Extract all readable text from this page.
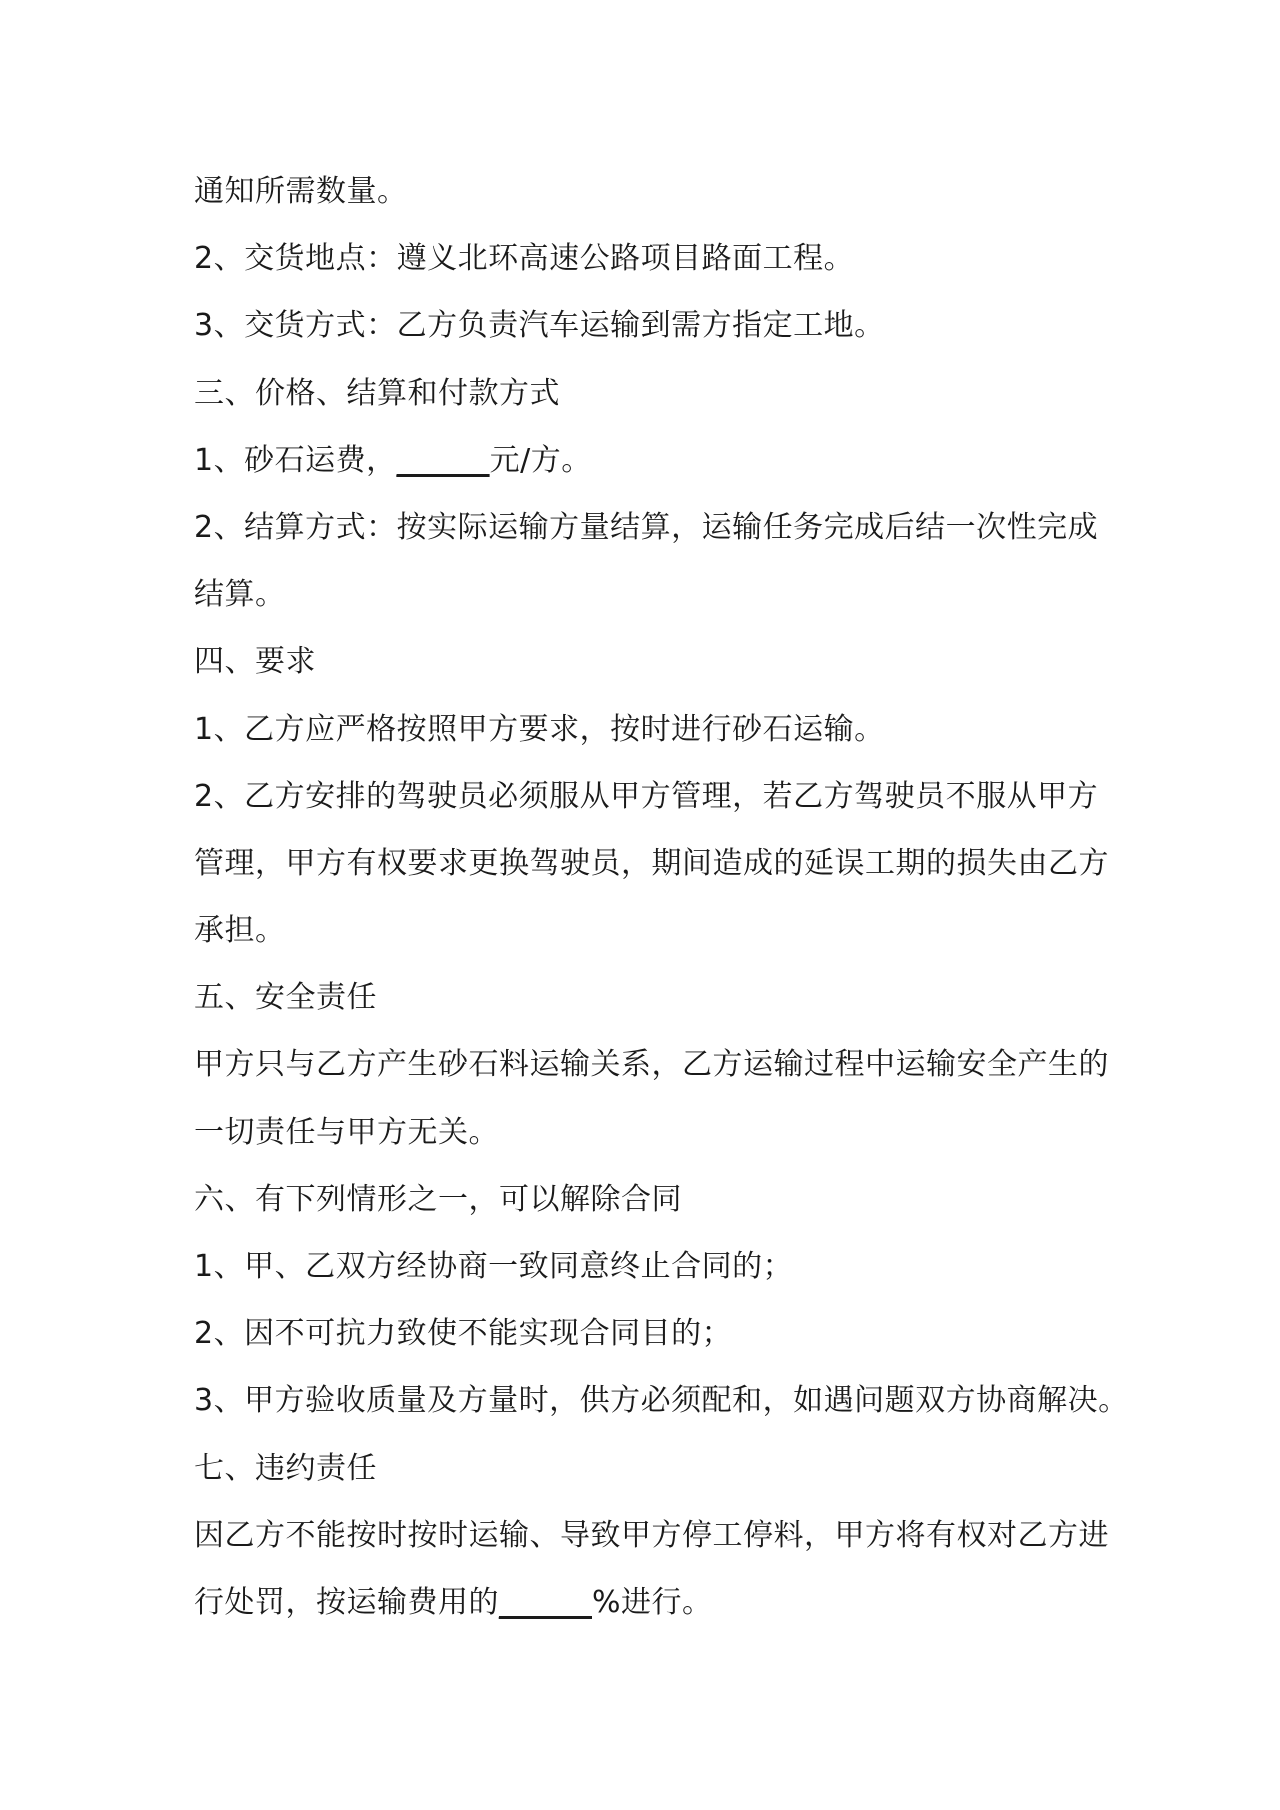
通知所需数量。

2、交货地点：遵义北环高速公路项目路面工程。

3、交货方式：乙方负责汽车运输到需方指定工地。

三、价格、结算和付款方式

1、砂石运费，______元/方。

2、结算方式：按实际运输方量结算，运输任务完成后结一次性完成

结算。

四、要求

1、乙方应严格按照甲方要求，按时进行砂石运输。

2、乙方安排的驾驶员必须服从甲方管理，若乙方驾驶员不服从甲方

管理，甲方有权要求更换驾驶员，期间造成的延误工期的损失由乙方

承担。

五、安全责任

甲方只与乙方产生砂石料运输关系，乙方运输过程中运输安全产生的

一切责任与甲方无关。

六、有下列情形之一，可以解除合同

1、甲、乙双方经协商一致同意终止合同的；

2、因不可抗力致使不能实现合同目的；

3、甲方验收质量及方量时，供方必须配和，如遇问题双方协商解决。

七、违约责任

因乙方不能按时按时运输、导致甲方停工停料，甲方将有权对乙方进

行处罚，按运输费用的______%进行。
